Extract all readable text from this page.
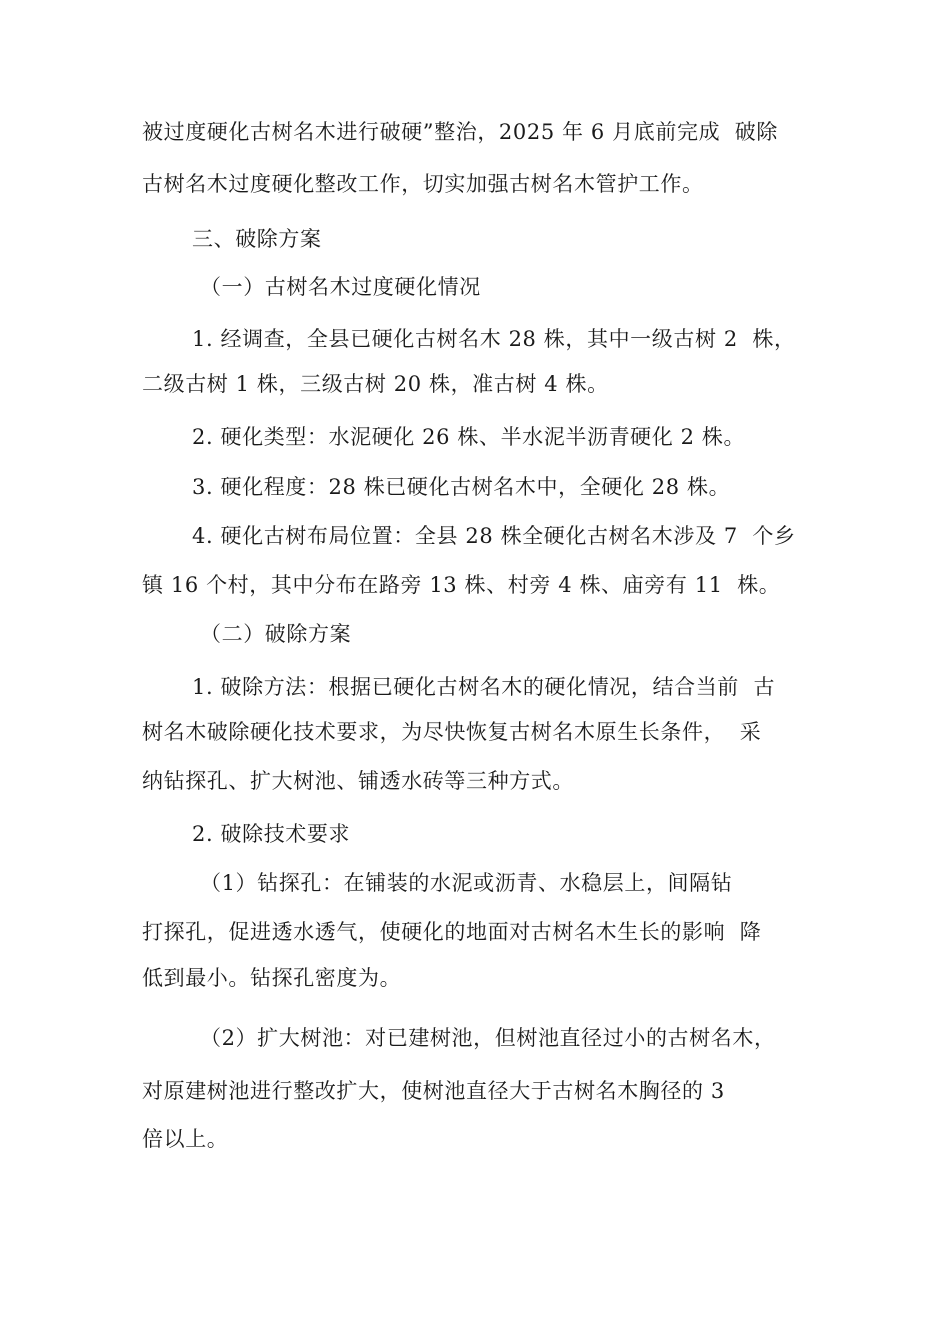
被过度硬化古树名木进行破硬”整治，2025 年 6 月底前完成  破除
古树名木过度硬化整改工作，切实加强古树名木管护工作。
三、破除方案
（一）古树名木过度硬化情况
1. 经调查，全县已硬化古树名木 28 株，其中一级古树 2  株，
二级古树 1 株，三级古树 20 株，准古树 4 株。
2. 硬化类型：水泥硬化 26 株、半水泥半沥青硬化 2 株。
3. 硬化程度：28 株已硬化古树名木中，全硬化 28 株。
4. 硬化古树布局位置：全县 28 株全硬化古树名木涉及 7  个乡
镇 16 个村，其中分布在路旁 13 株、村旁 4 株、庙旁有 11  株。
（二）破除方案
1. 破除方法：根据已硬化古树名木的硬化情况，结合当前  古
树名木破除硬化技术要求，为尽快恢复古树名木原生长条件，  采
纳钻探孔、扩大树池、铺透水砖等三种方式。
2. 破除技术要求
（1）钻探孔：在铺装的水泥或沥青、水稳层上，间隔钻
打探孔，促进透水透气，使硬化的地面对古树名木生长的影响  降
低到最小。钻探孔密度为。
（2）扩大树池：对已建树池，但树池直径过小的古树名木，
对原建树池进行整改扩大，使树池直径大于古树名木胸径的 3
倍以上。
